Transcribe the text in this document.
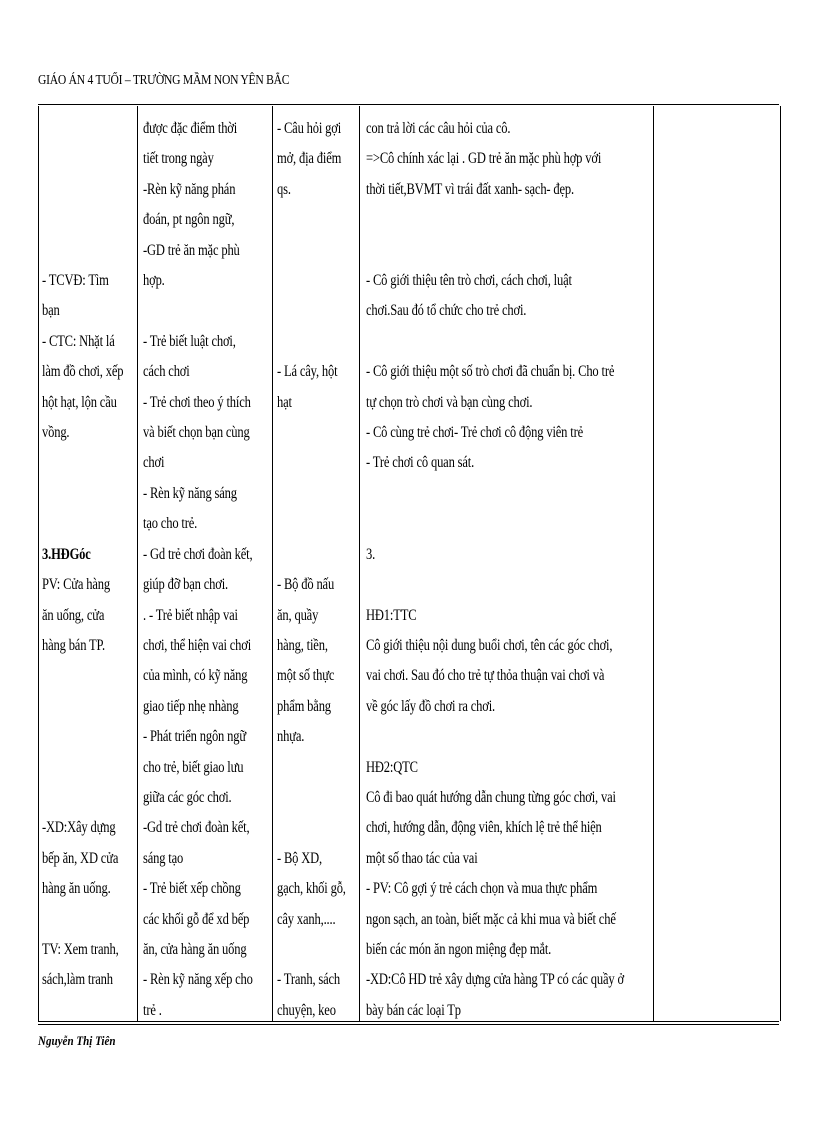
GIÁO ÁN 4 TUỔI – TRƯỜNG MẦM NON YÊN BẮC

- TCVĐ: Tìm
bạn
- CTC: Nhặt lá
làm đồ chơi, xếp
hột hạt, lộn cầu
vồng.

3.HĐGóc
PV: Cửa hàng
ăn uống, cửa
hàng bán TP.

-XD:Xây dựng
bếp ăn, XD cửa
hàng ăn uống.

TV: Xem tranh,
sách,làm tranh
được đặc điểm thời
tiết trong ngày
-Rèn kỹ năng phán
đoán, pt ngôn ngữ,
-GD trẻ ăn mặc phù
hợp.

- Trẻ biết luật chơi,
cách chơi
- Trẻ chơi theo ý thích
và biết chọn bạn cùng
chơi
- Rèn kỹ năng sáng
tạo cho trẻ.
- Gd trẻ chơi đoàn kết,
giúp đỡ bạn chơi.
. - Trẻ biết nhập vai
chơi, thể hiện vai chơi
của mình, có kỹ năng
giao tiếp nhẹ nhàng
- Phát triển ngôn ngữ
cho trẻ, biết giao lưu
giữa các góc chơi.
-Gd trẻ chơi đoàn kết,
sáng tạo
- Trẻ biết xếp chồng
các khối gỗ để xd bếp
ăn, cửa hàng ăn uống
- Rèn kỹ năng xếp cho
trẻ .
- Câu hỏi gợi
mở, địa điểm
qs.

- Lá cây, hột
hạt

- Bộ đồ nấu
ăn, quầy
hàng, tiền,
một số thực
phẩm bằng
nhựa.

- Bộ XD,
gạch, khối gỗ,
cây xanh,....

- Tranh, sách
chuyện, keo
con trả lời các câu hỏi của cô.
=>Cô chính xác lại . GD trẻ ăn mặc phù hợp với
thời tiết,BVMT vì trái đất xanh- sạch- đẹp.

- Cô giới thiệu tên trò chơi, cách chơi, luật
chơi.Sau đó tổ chức cho trẻ chơi.

- Cô giới thiệu một số trò chơi đã chuẩn bị. Cho trẻ
tự chọn trò chơi và bạn cùng chơi.
- Cô cùng trẻ chơi- Trẻ chơi cô động viên trẻ
- Trẻ chơi cô quan sát.

3.

HĐ1:TTC
Cô giới thiệu nội dung buổi chơi, tên các góc chơi,
vai chơi. Sau đó cho trẻ tự thỏa thuận vai chơi và
về góc lấy đồ chơi ra chơi.

HĐ2:QTC
Cô đi bao quát hướng dẫn chung từng góc chơi, vai
chơi, hướng dẫn, động viên, khích lệ trẻ thể hiện
một số thao tác của vai
- PV: Cô gợi ý trẻ cách chọn và mua thực phẩm
ngon sạch, an toàn, biết mặc cả khi mua và biết chế
biến các món ăn ngon miệng đẹp mắt.
-XD:Cô HD trẻ xây dựng cửa hàng TP có các quầy ở
bày bán các loại Tp
Nguyễn Thị Tiên
